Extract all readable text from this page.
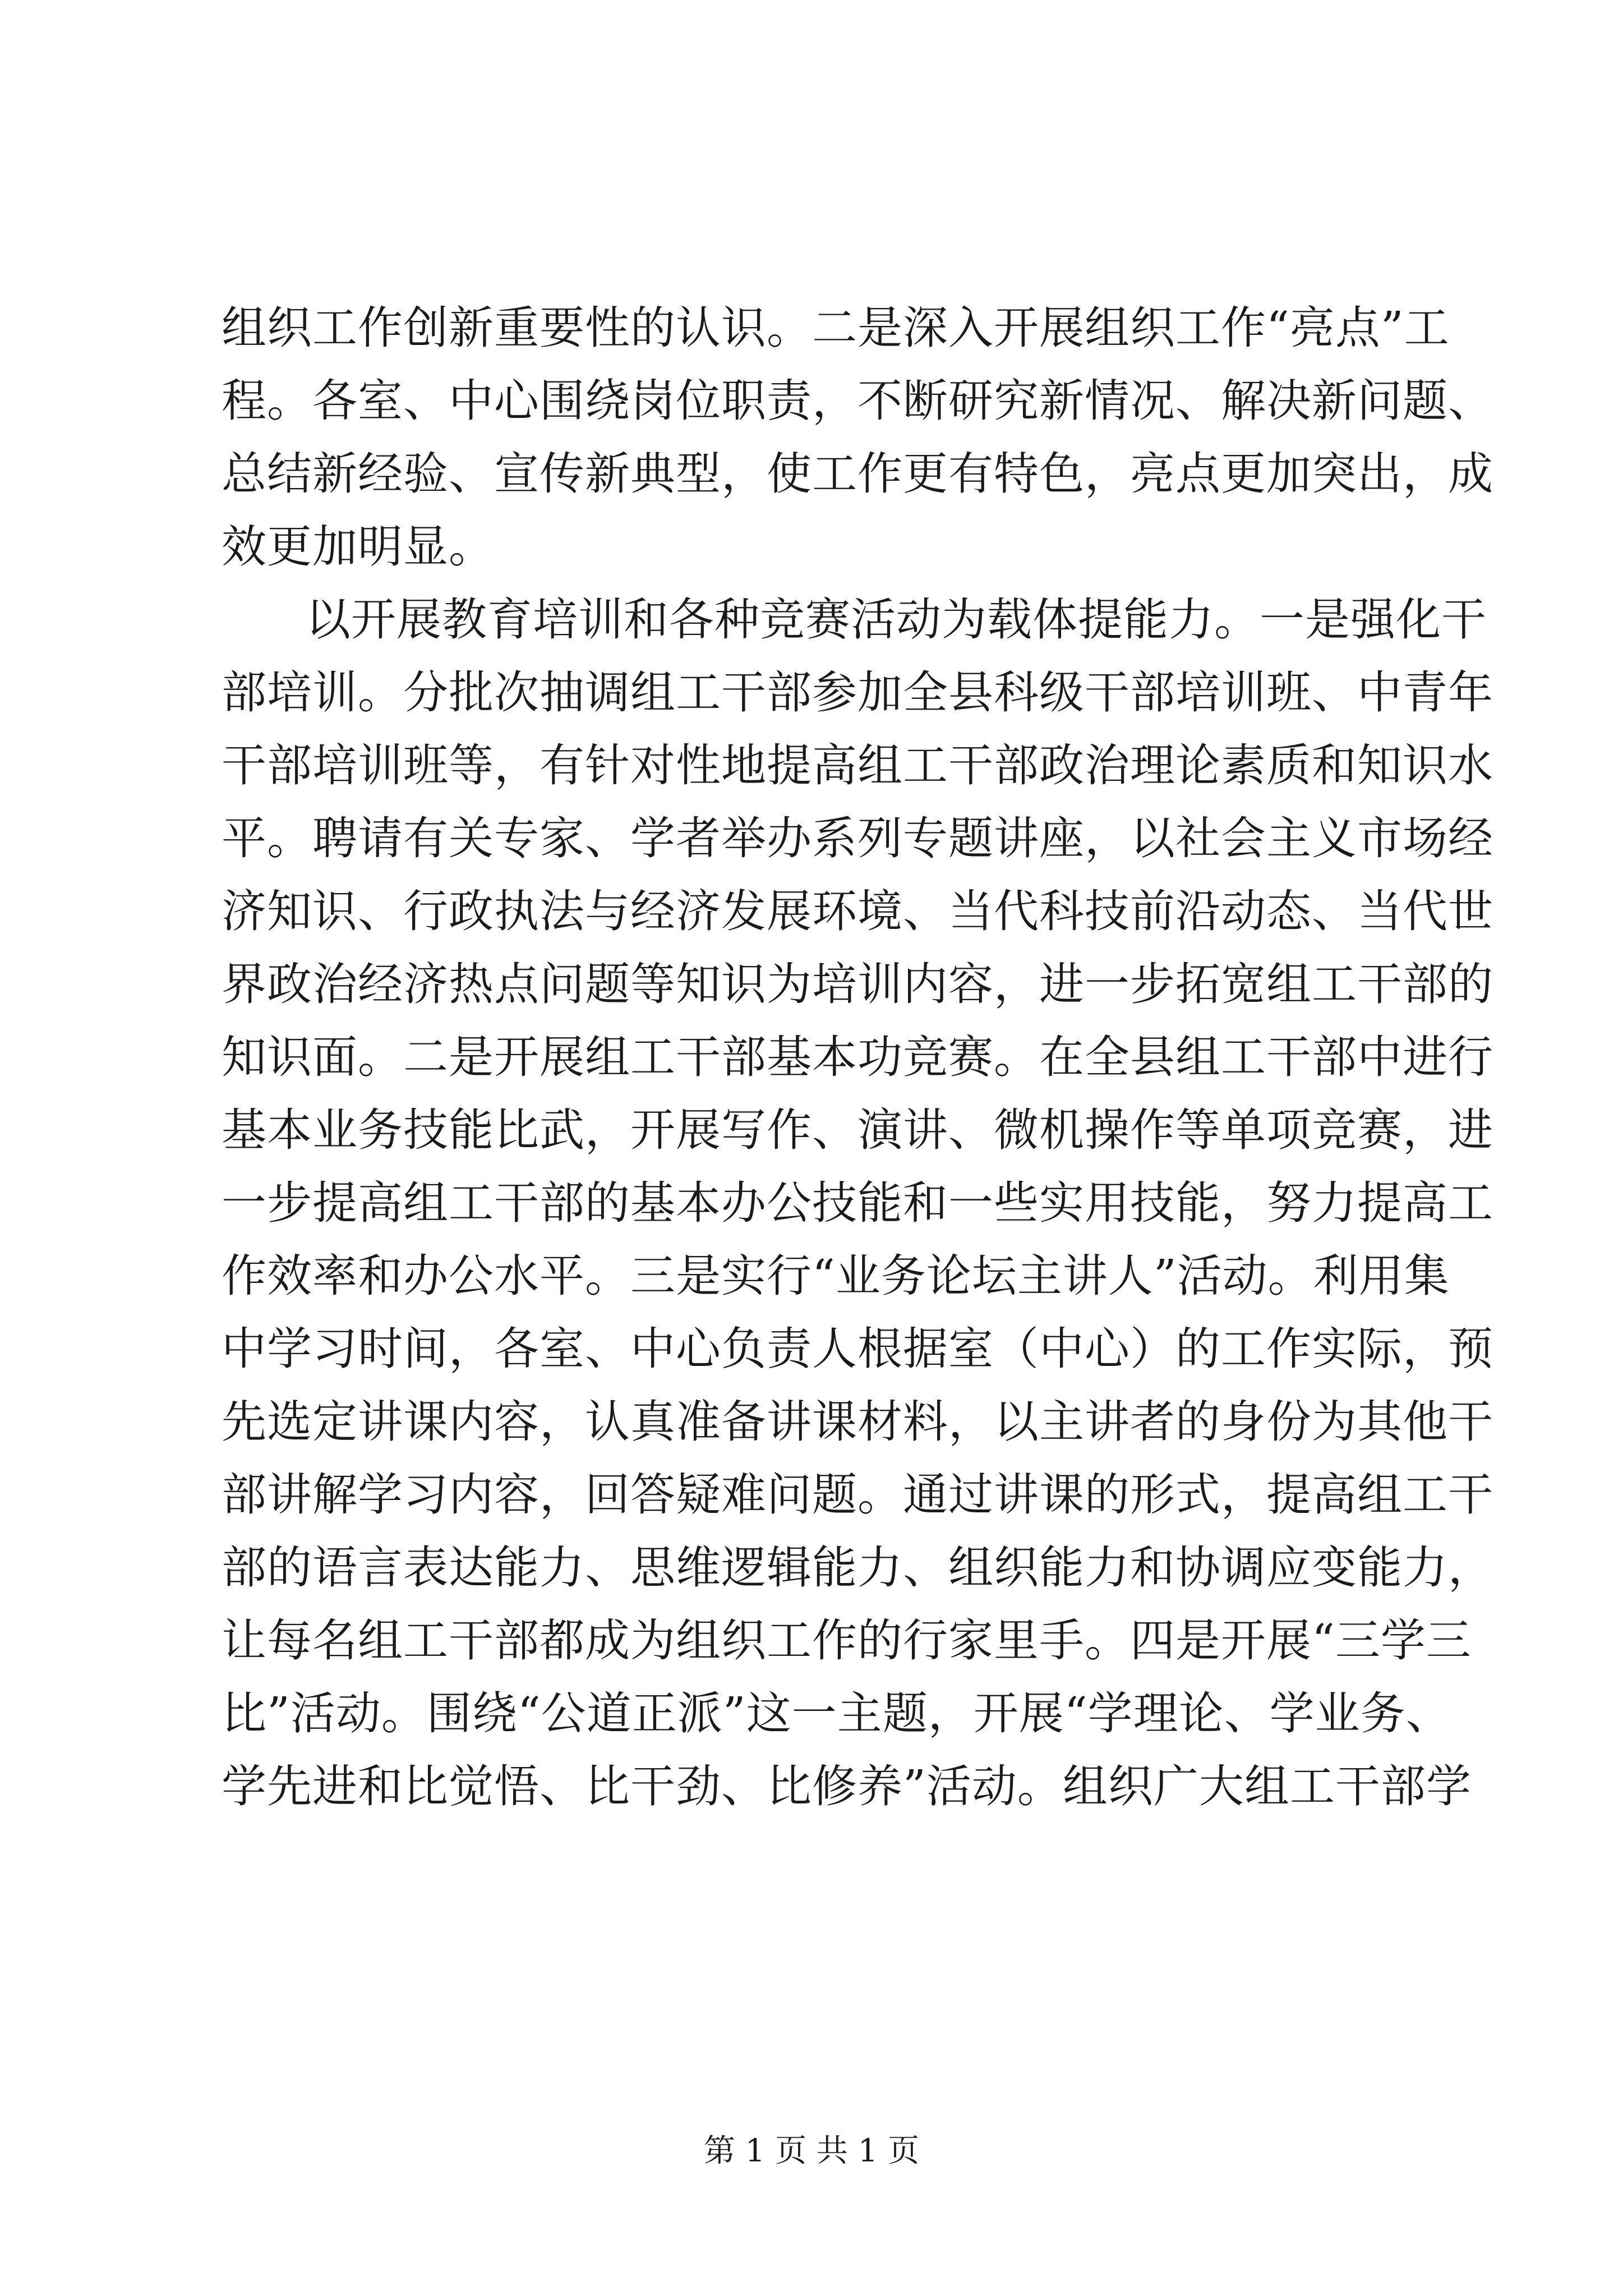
组织工作创新重要性的认识。二是深入开展组织工作“亮点”工
程。各室、中心围绕岗位职责，不断研究新情况、解决新问题、
总结新经验、宣传新典型，使工作更有特色，亮点更加突出，成
效更加明显。
以开展教育培训和各种竞赛活动为载体提能力。一是强化干
部培训。分批次抽调组工干部参加全县科级干部培训班、中青年
干部培训班等，有针对性地提高组工干部政治理论素质和知识水
平。聘请有关专家、学者举办系列专题讲座，以社会主义市场经
济知识、行政执法与经济发展环境、当代科技前沿动态、当代世
界政治经济热点问题等知识为培训内容，进一步拓宽组工干部的
知识面。二是开展组工干部基本功竞赛。在全县组工干部中进行
基本业务技能比武，开展写作、演讲、微机操作等单项竞赛，进
一步提高组工干部的基本办公技能和一些实用技能，努力提高工
作效率和办公水平。三是实行“业务论坛主讲人”活动。利用集
中学习时间，各室、中心负责人根据室（中心）的工作实际，预
先选定讲课内容，认真准备讲课材料，以主讲者的身份为其他干
部讲解学习内容，回答疑难问题。通过讲课的形式，提高组工干
部的语言表达能力、思维逻辑能力、组织能力和协调应变能力，
让每名组工干部都成为组织工作的行家里手。四是开展“三学三
比”活动。围绕“公道正派”这一主题，开展“学理论、学业务、
学先进和比觉悟、比干劲、比修养”活动。组织广大组工干部学
第 1 页 共 1 页
